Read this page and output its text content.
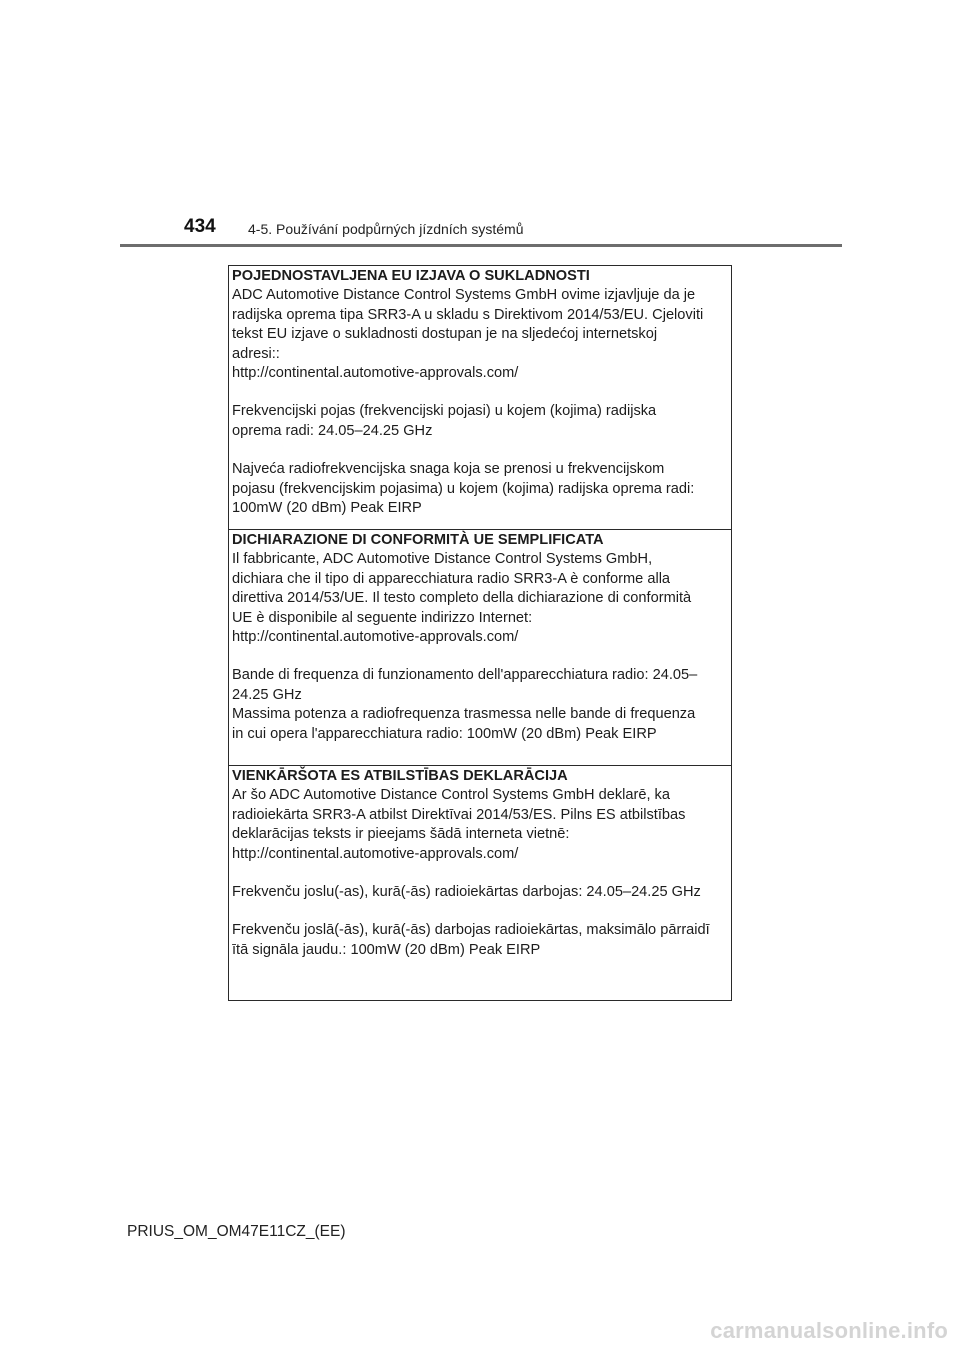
434 4-5. Používání podpůrných jízdních systémů
POJEDNOSTAVLJENA EU IZJAVA O SUKLADNOSTI
ADC Automotive Distance Control Systems GmbH ovime izjavljuje da je
radijska oprema tipa SRR3-A u skladu s Direktivom 2014/53/EU. Cjeloviti
tekst EU izjave o sukladnosti dostupan je na sljedećoj internetskoj
adresi::
http://continental.automotive-approvals.com/
Frekvencijski pojas (frekvencijski pojasi) u kojem (kojima) radijska
oprema radi: 24.05–24.25 GHz
Najveća radiofrekvencijska snaga koja se prenosi u frekvencijskom
pojasu (frekvencijskim pojasima) u kojem (kojima) radijska oprema radi:
100mW (20 dBm) Peak EIRP
DICHIARAZIONE DI CONFORMITÀ UE SEMPLIFICATA
Il fabbricante, ADC Automotive Distance Control Systems GmbH,
dichiara che il tipo di apparecchiatura radio SRR3-A è conforme alla
direttiva 2014/53/UE. Il testo completo della dichiarazione di conformità
UE è disponibile al seguente indirizzo Internet:
http://continental.automotive-approvals.com/
Bande di frequenza di funzionamento dell'apparecchiatura radio: 24.05–
24.25 GHz
Massima potenza a radiofrequenza trasmessa nelle bande di frequenza
in cui opera l'apparecchiatura radio: 100mW (20 dBm) Peak EIRP
VIENKĀRŠOTA ES ATBILSTĪBAS DEKLARĀCIJA
Ar šo ADC Automotive Distance Control Systems GmbH deklarē, ka
radioiekārta SRR3-A atbilst Direktīvai 2014/53/ES. Pilns ES atbilstības
deklarācijas teksts ir pieejams šādā interneta vietnē:
http://continental.automotive-approvals.com/
Frekvenču joslu(-as), kurā(-ās) radioiekārtas darbojas: 24.05–24.25 GHz
Frekvenču joslā(-ās), kurā(-ās) darbojas radioiekārtas, maksimālo pārraidī
ītā signāla jaudu.: 100mW (20 dBm) Peak EIRP
PRIUS_OM_OM47E11CZ_(EE)
carmanualsonline.info
